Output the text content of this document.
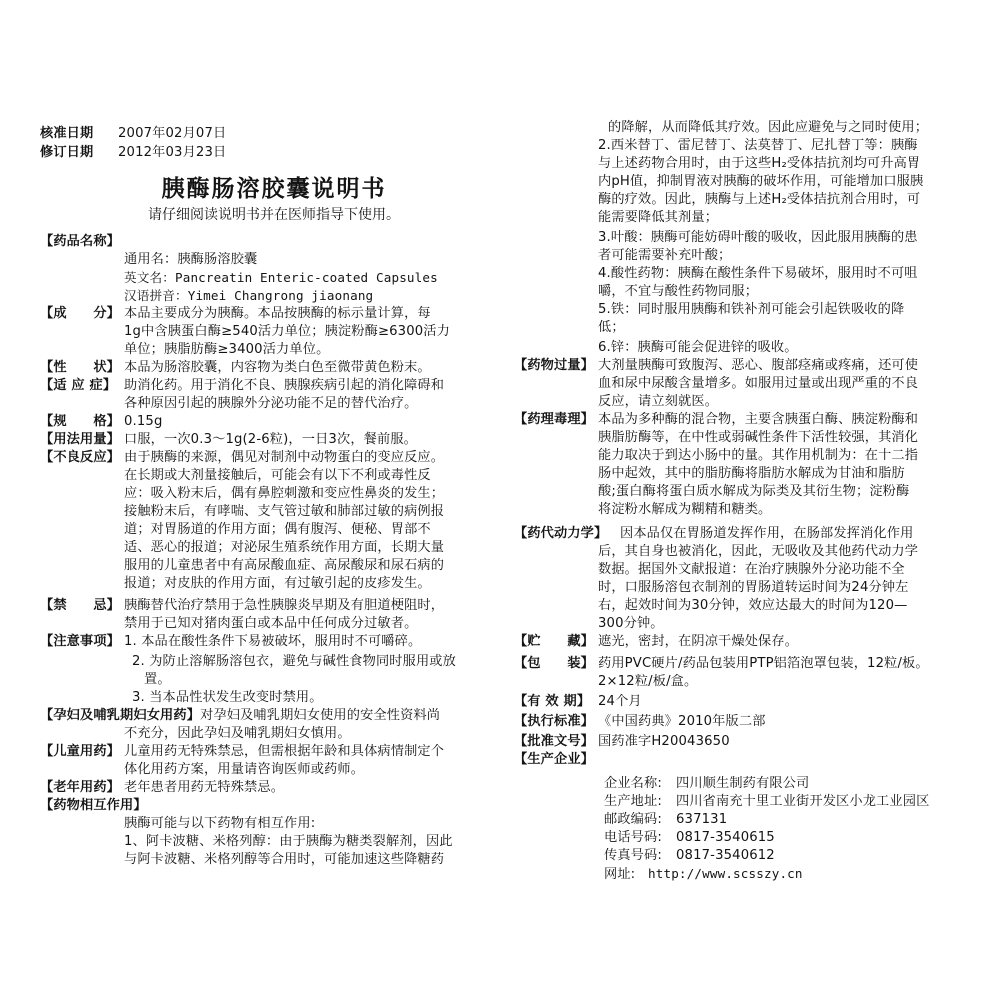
核准日期 2007年02月07日
修订日期 2012年03月23日
胰酶肠溶胶囊说明书
请仔细阅读说明书并在医师指导下使用。
【药品名称】
通用名：胰酶肠溶胶囊
英文名：Pancreatin Enteric-coated Capsules
汉语拼音：Yimei Changrong jiaonang
【成　　分】 本品主要成分为胰酶。本品按胰酶的标示量计算，每
1g中含胰蛋白酶≥540活力单位；胰淀粉酶≥6300活力
单位；胰脂肪酶≥3400活力单位。
【性　　状】 本品为肠溶胶囊，内容物为类白色至微带黄色粉末。
【适 应 症】 助消化药。用于消化不良、胰腺疾病引起的消化障碍和
各种原因引起的胰腺外分泌功能不足的替代治疗。
【规　　格】 0.15g
【用法用量】 口服，一次0.3～1g(2-6粒)，一日3次，餐前服。
【不良反应】 由于胰酶的来源，偶见对制剂中动物蛋白的变应反应。
在长期或大剂量接触后，可能会有以下不利或毒性反
应：吸入粉末后，偶有鼻腔刺激和变应性鼻炎的发生；
接触粉末后，有哮喘、支气管过敏和肺部过敏的病例报
道；对胃肠道的作用方面；偶有腹泻、便秘、胃部不
适、恶心的报道；对泌尿生殖系统作用方面，长期大量
服用的儿童患者中有高尿酸血症、高尿酸尿和尿石病的
报道；对皮肤的作用方面，有过敏引起的皮疹发生。
【禁　　忌】 胰酶替代治疗禁用于急性胰腺炎早期及有胆道梗阻时，
禁用于已知对猪肉蛋白或本品中任何成分过敏者。
【注意事项】 1. 本品在酸性条件下易被破坏，服用时不可嚼碎。
2. 为防止溶解肠溶包衣，避免与碱性食物同时服用或放
置。
3. 当本品性状发生改变时禁用。
【孕妇及哺乳期妇女用药】对孕妇及哺乳期妇女使用的安全性资料尚
不充分，因此孕妇及哺乳期妇女慎用。
【儿童用药】 儿童用药无特殊禁忌，但需根据年龄和具体病情制定个
体化用药方案，用量请咨询医师或药师。
【老年用药】 老年患者用药无特殊禁忌。
【药物相互作用】
胰酶可能与以下药物有相互作用:
1、阿卡波糖、米格列醇：由于胰酶为糖类裂解剂，因此
与阿卡波糖、米格列醇等合用时，可能加速这些降糖药
的降解，从而降低其疗效。因此应避免与之同时使用；
2.西米替丁、雷尼替丁、法莫替丁、尼扎替丁等：胰酶
与上述药物合用时，由于这些H₂受体拮抗剂均可升高胃
内pH值，抑制胃液对胰酶的破坏作用，可能增加口服胰
酶的疗效。因此，胰酶与上述H₂受体拮抗剂合用时，可
能需要降低其剂量；
3.叶酸：胰酶可能妨碍叶酸的吸收，因此服用胰酶的患
者可能需要补充叶酸；
4.酸性药物：胰酶在酸性条件下易破坏，服用时不可咀
嚼，不宜与酸性药物同服；
5.铁：同时服用胰酶和铁补剂可能会引起铁吸收的降
低；
6.锌：胰酶可能会促进锌的吸收。
【药物过量】 大剂量胰酶可致腹泻、恶心、腹部痉痛或疼痛，还可使
血和尿中尿酸含量增多。如服用过量或出现严重的不良
反应，请立刻就医。
【药理毒理】 本品为多种酶的混合物，主要含胰蛋白酶、胰淀粉酶和
胰脂肪酶等，在中性或弱碱性条件下活性较强，其消化
能力取决于到达小肠中的量。其作用机制为：在十二指
肠中起效，其中的脂肪酶将脂肪水解成为甘油和脂肪
酸;蛋白酶将蛋白质水解成为际类及其衍生物；淀粉酶
将淀粉水解成为糊精和糖类。
【药代动力学】 因本品仅在胃肠道发挥作用，在肠部发挥消化作用
后，其自身也被消化，因此，无吸收及其他药代动力学
数据。据国外文献报道：在治疗胰腺外分泌功能不全
时，口服肠溶包衣制剂的胃肠道转运时间为24分钟左
右，起效时间为30分钟，效应达最大的时间为120—
300分钟。
【贮　　藏】 遮光，密封，在阴凉干燥处保存。
【包　　装】 药用PVC硬片/药品包装用PTP铝箔泡罩包装，12粒/板。
2×12粒/板/盒。
【有 效 期】 24个月
【执行标准】 《中国药典》2010年版二部
【批准文号】 国药准字H20043650
【生产企业】
企业名称: 四川顺生制药有限公司
生产地址: 四川省南充十里工业街开发区小龙工业园区
邮政编码: 637131
电话号码: 0817-3540615
传真号码: 0817-3540612
网址: http://www.scsszy.cn
